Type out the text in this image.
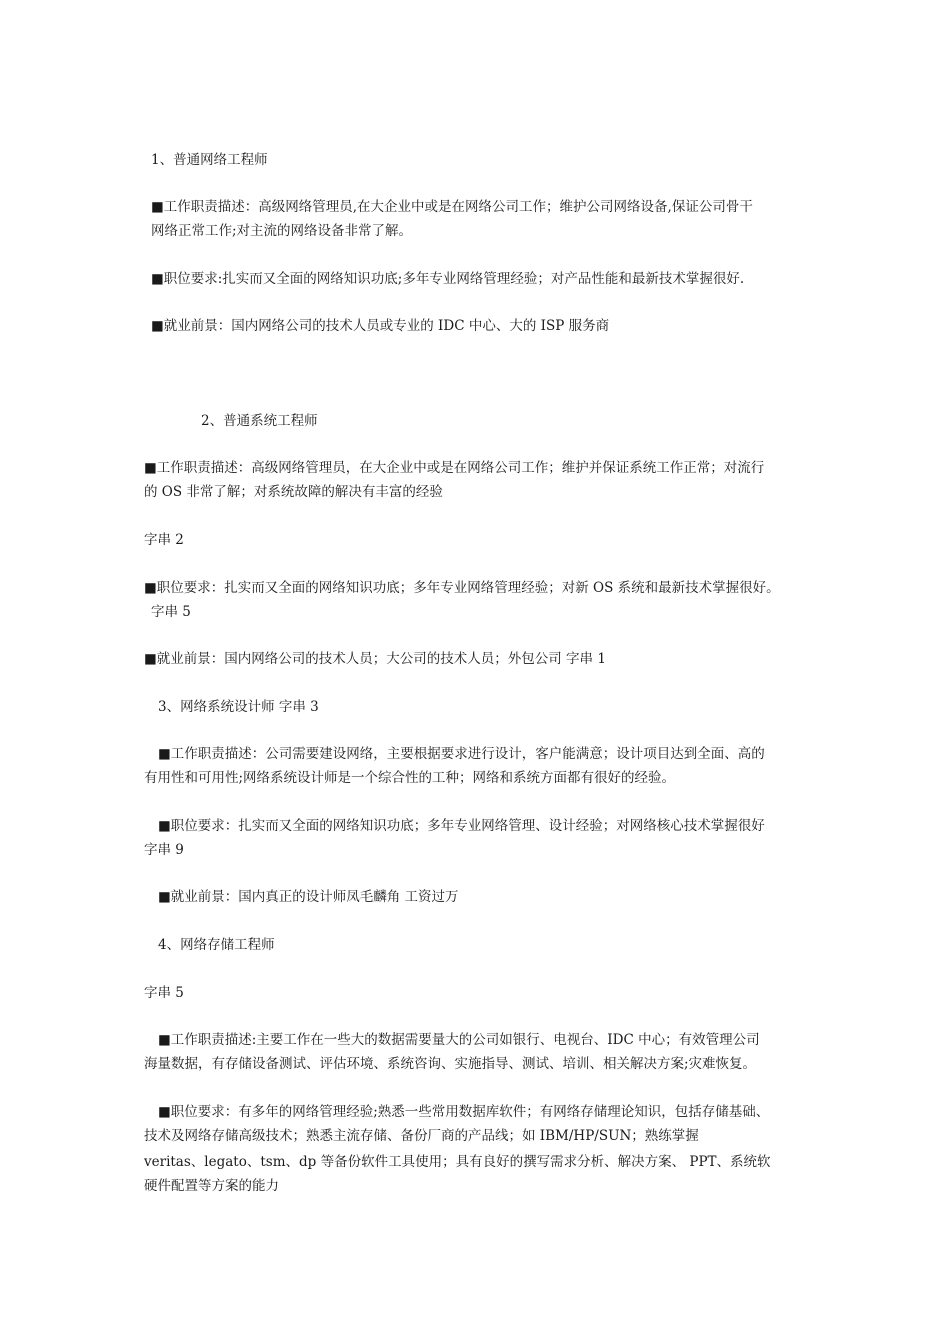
1、普通网络工程师
■工作职责描述：高级网络管理员,在大企业中或是在网络公司工作；维护公司网络设备,保证公司骨干
网络正常工作;对主流的网络设备非常了解。
■职位要求:扎实而又全面的网络知识功底;多年专业网络管理经验；对产品性能和最新技术掌握很好.
■就业前景：国内网络公司的技术人员或专业的 IDC 中心、大的 ISP 服务商
2、普通系统工程师
■工作职责描述：高级网络管理员，在大企业中或是在网络公司工作；维护并保证系统工作正常；对流行
的 OS 非常了解；对系统故障的解决有丰富的经验
字串 2
■职位要求：扎实而又全面的网络知识功底；多年专业网络管理经验；对新 OS 系统和最新技术掌握很好。
字串 5
■就业前景：国内网络公司的技术人员；大公司的技术人员；外包公司 字串 1
3、网络系统设计师 字串 3
■工作职责描述：公司需要建设网络，主要根据要求进行设计，客户能满意；设计项目达到全面、高的
有用性和可用性;网络系统设计师是一个综合性的工种；网络和系统方面都有很好的经验。
■职位要求：扎实而又全面的网络知识功底；多年专业网络管理、设计经验；对网络核心技术掌握很好
字串 9
■就业前景：国内真正的设计师凤毛麟角 工资过万
4、网络存储工程师
字串 5
■工作职责描述:主要工作在一些大的数据需要量大的公司如银行、电视台、IDC 中心；有效管理公司
海量数据，有存储设备测试、评估环境、系统咨询、实施指导、测试、培训、相关解决方案;灾难恢复。
■职位要求：有多年的网络管理经验;熟悉一些常用数据库软件；有网络存储理论知识，包括存储基础、
技术及网络存储高级技术；熟悉主流存储、备份厂商的产品线；如 IBM/HP/SUN；熟练掌握
veritas、legato、tsm、dp 等备份软件工具使用；具有良好的撰写需求分析、解决方案、 PPT、系统软
硬件配置等方案的能力
